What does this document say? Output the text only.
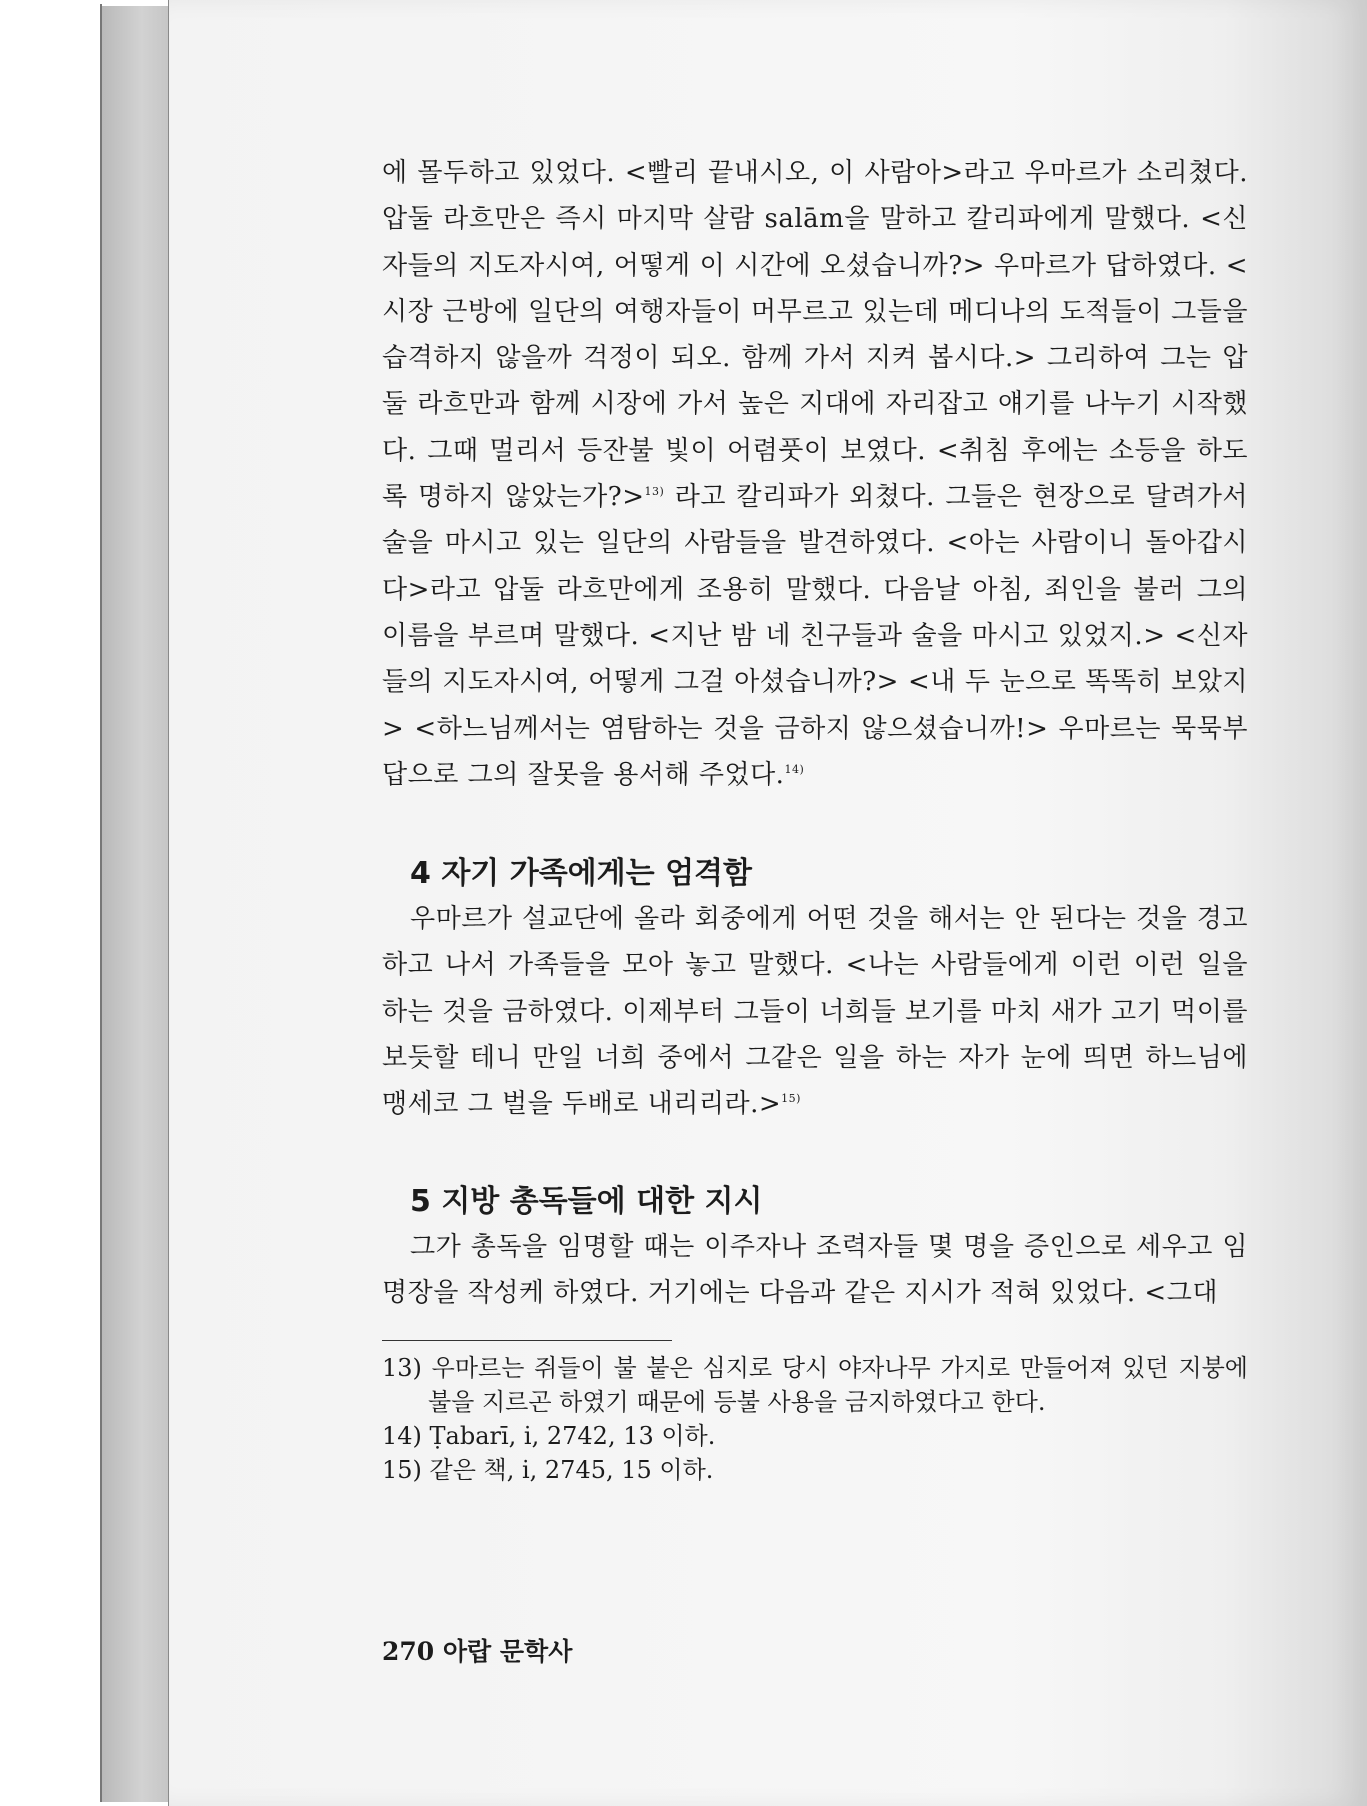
에 몰두하고 있었다. <빨리 끝내시오, 이 사람아>라고 우마르가 소리쳤다. 압둘 라흐만은 즉시 마지막 살람 salām을 말하고 칼리파에게 말했다. <신자들의 지도자시여, 어떻게 이 시간에 오셨습니까?> 우마르가 답하였다. <시장 근방에 일단의 여행자들이 머무르고 있는데 메디나의 도적들이 그들을 습격하지 않을까 걱정이 되오. 함께 가서 지켜 봅시다.> 그리하여 그는 압둘 라흐만과 함께 시장에 가서 높은 지대에 자리잡고 얘기를 나누기 시작했다. 그때 멀리서 등잔불 빛이 어렴풋이 보였다. <취침 후에는 소등을 하도록 명하지 않았는가?>$^{13)}$ 라고 칼리파가 외쳤다. 그들은 현장으로 달려가서 술을 마시고 있는 일단의 사람들을 발견하였다. <아는 사람이니 돌아갑시다>라고 압둘 라흐만에게 조용히 말했다. 다음날 아침, 죄인을 불러 그의 이름을 부르며 말했다. <지난 밤 네 친구들과 술을 마시고 있었지.> <신자들의 지도자시여, 어떻게 그걸 아셨습니까?> <내 두 눈으로 똑똑히 보았지> <하느님께서는 염탐하는 것을 금하지 않으셨습니까!> 우마르는 묵묵부답으로 그의 잘못을 용서해 주었다.$^{14)}$

4 자기 가족에게는 엄격함

우마르가 설교단에 올라 회중에게 어떤 것을 해서는 안 된다는 것을 경고하고 나서 가족들을 모아 놓고 말했다. <나는 사람들에게 이런 이런 일을 하는 것을 금하였다. 이제부터 그들이 너희들 보기를 마치 새가 고기 먹이를 보듯할 테니 만일 너희 중에서 그같은 일을 하는 자가 눈에 띄면 하느님에 맹세코 그 벌을 두배로 내리리라.>$^{15)}$

5 지방 총독들에 대한 지시

그가 총독을 임명할 때는 이주자나 조력자들 몇 명을 증인으로 세우고 임명장을 작성케 하였다. 거기에는 다음과 같은 지시가 적혀 있었다. <그대

13) 우마르는 쥐들이 불 붙은 심지로 당시 야자나무 가지로 만들어져 있던 지붕에 불을 지르곤 하였기 때문에 등불 사용을 금지하였다고 한다.

14) Ṭabarī, i, 2742, 13 이하.

15) 같은 책, i, 2745, 15 이하.

270 아랍 문학사
